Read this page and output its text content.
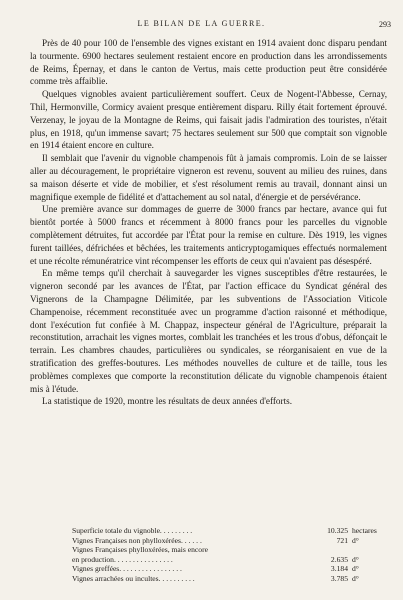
LE BILAN DE LA GUERRE.	293

Près de 40 pour 100 de l'ensemble des vignes existant en 1914 avaient donc disparu pendant la tourmente. 6900 hectares seulement restaient encore en production dans les arrondissements de Reims, Épernay, et dans le canton de Vertus, mais cette production peut être considérée comme très affaiblie.

Quelques vignobles avaient particulièrement souffert. Ceux de Nogent-l'Abbesse, Cernay, Thil, Hermonville, Cormicy avaient presque entièrement disparu. Rilly était fortement éprouvé. Verzenay, le joyau de la Montagne de Reims, qui faisait jadis l'admiration des touristes, n'était plus, en 1918, qu'un immense savart; 75 hectares seulement sur 500 que comptait son vignoble en 1914 étaient encore en culture.

Il semblait que l'avenir du vignoble champenois fût à jamais compromis. Loin de se laisser aller au découragement, le propriétaire vigneron est revenu, souvent au milieu des ruines, dans sa maison déserte et vide de mobilier, et s'est résolument remis au travail, donnant ainsi un magnifique exemple de fidélité et d'attachement au sol natal, d'énergie et de persévérance.

Une première avance sur dommages de guerre de 3000 francs par hectare, avance qui fut bientôt portée à 5000 francs et récemment à 8000 francs pour les parcelles du vignoble complètement détruites, fut accordée par l'État pour la remise en culture. Dès 1919, les vignes furent taillées, défrichées et bêchées, les traitements anticryptogamiques effectués normalement et une récolte rémunératrice vint récompenser les efforts de ceux qui n'avaient pas désespéré.

En même temps qu'il cherchait à sauvegarder les vignes susceptibles d'être restaurées, le vigneron secondé par les avances de l'État, par l'action efficace du Syndicat général des Vignerons de la Champagne Délimitée, par les subventions de l'Association Viticole Champenoise, récemment reconstituée avec un programme d'action raisonné et méthodique, dont l'exécution fut confiée à M. Chappaz, inspecteur général de l'Agriculture, préparait la reconstitution, arrachait les vignes mortes, comblait les tranchées et les trous d'obus, défonçait le terrain. Les chambres chaudes, particulières ou syndicales, se réorganisaient en vue de la stratification des greffes-boutures. Les méthodes nouvelles de culture et de taille, tous les problèmes complexes que comporte la reconstitution délicate du vignoble champenois étaient mis à l'étude.

La statistique de 1920, montre les résultats de deux années d'efforts.

Superficie totale du vignoble. . . . . . . . .	10.325 hectares
Vignes Françaises non phylloxérées. . . . . .	721 d°
Vignes Françaises phylloxérées, mais encore
en production. . . . . . . . . . . . . . . .	2.635 d°
Vignes greffées. . . . . . . . . . . . . . . . .	3.184 d°
Vignes arrachées ou incultes. . . . . . . . . .	3.785 d°
